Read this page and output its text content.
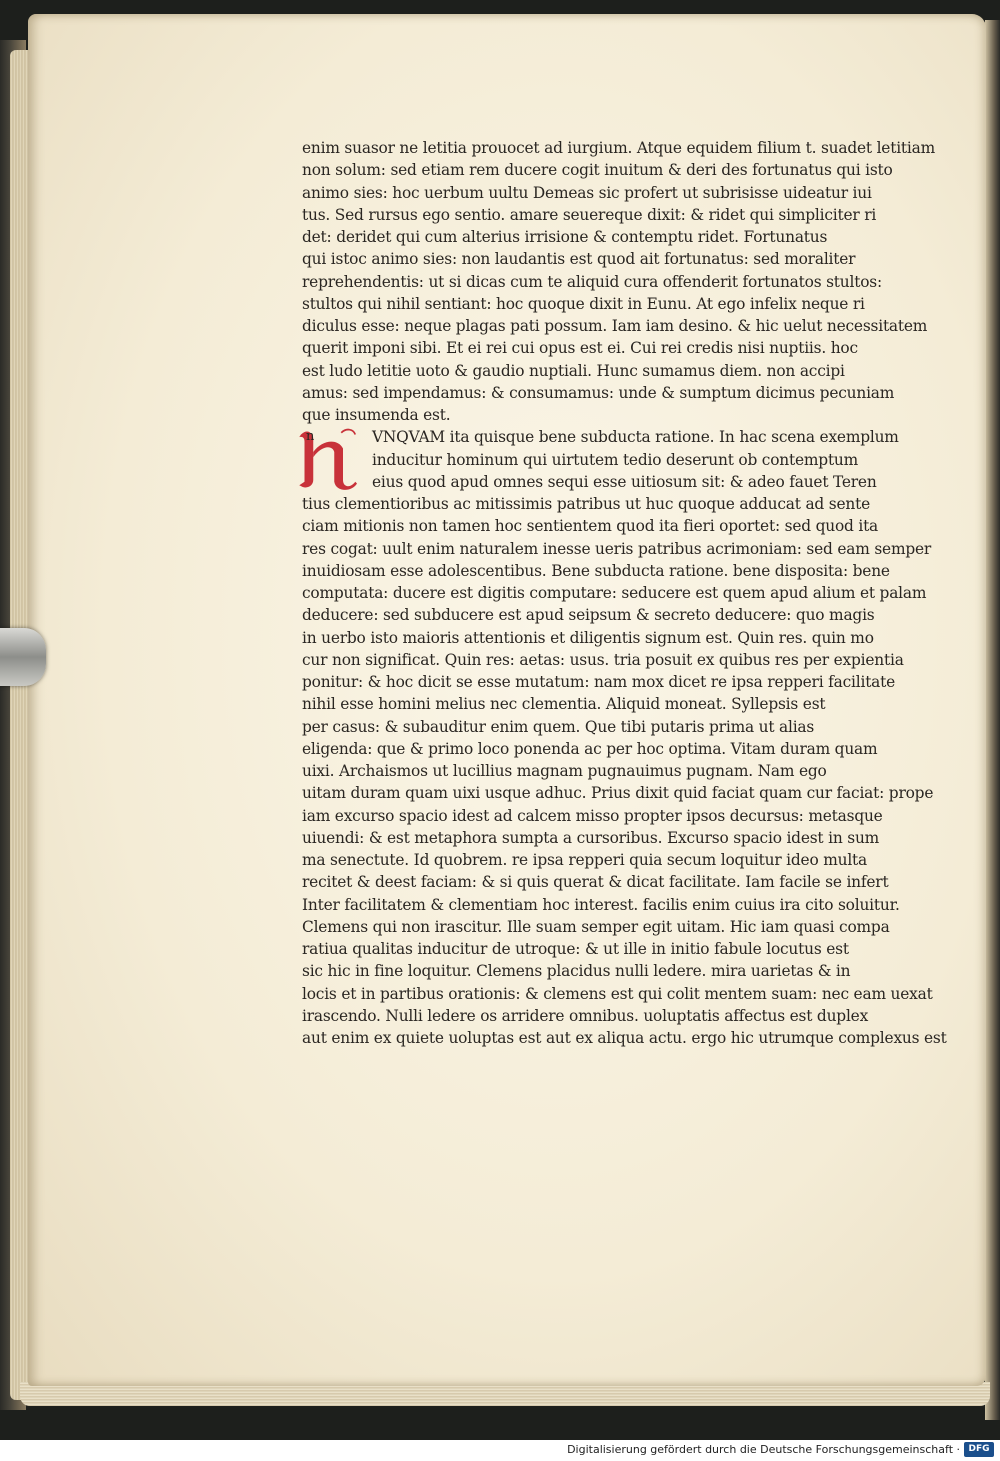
enim suasor ne letitia prouocet ad iurgium. Atque equidem filium t. suadet letitiam
non solum: sed etiam rem ducere cogit inuitum & deri des fortunatus qui isto
animo sies: hoc uerbum uultu Demeas sic profert ut subrisisse uideatur iui
tus. Sed rursus ego sentio. amare seuereque dixit: & ridet qui simpliciter ri
det: deridet qui cum alterius irrisione & contemptu ridet. Fortunatus
qui istoc animo sies: non laudantis est quod ait fortunatus: sed moraliter
reprehendentis: ut si dicas cum te aliquid cura offenderit fortunatos stultos:
stultos qui nihil sentiant: hoc quoque dixit in Eunu. At ego infelix neque ri
diculus esse: neque plagas pati possum. Iam iam desino. & hic uelut necessitatem
querit imponi sibi. Et ei rei cui opus est ei. Cui rei credis nisi nuptiis. hoc
est ludo letitie uoto & gaudio nuptiali. Hunc sumamus diem. non accipi
amus: sed impendamus: & consumamus: unde & sumptum dicimus pecuniam
que insumenda est.
n	VNQVAM ita quisque bene subducta ratione. In hac scena exemplum
inducitur hominum qui uirtutem tedio deserunt ob contemptum
eius quod apud omnes sequi esse uitiosum sit: & adeo fauet Teren
tius clementioribus ac mitissimis patribus ut huc quoque adducat ad sente
ciam mitionis non tamen hoc sentientem quod ita fieri oportet: sed quod ita
res cogat: uult enim naturalem inesse ueris patribus acrimoniam: sed eam semper
inuidiosam esse adolescentibus. Bene subducta ratione. bene disposita: bene
computata: ducere est digitis computare: seducere est quem apud alium et palam
deducere: sed subducere est apud seipsum & secreto deducere: quo magis
in uerbo isto maioris attentionis et diligentis signum est. Quin res. quin mo
cur non significat. Quin res: aetas: usus. tria posuit ex quibus res per expientia
ponitur: & hoc dicit se esse mutatum: nam mox dicet re ipsa repperi facilitate
nihil esse homini melius nec clementia. Aliquid moneat. Syllepsis est
per casus: & subauditur enim quem. Que tibi putaris prima ut alias
eligenda: que & primo loco ponenda ac per hoc optima. Vitam duram quam
uixi. Archaismos ut lucillius magnam pugnauimus pugnam. Nam ego
uitam duram quam uixi usque adhuc. Prius dixit quid faciat quam cur faciat: prope
iam excurso spacio idest ad calcem misso propter ipsos decursus: metasque
uiuendi: & est metaphora sumpta a cursoribus. Excurso spacio idest in sum
ma senectute. Id quobrem. re ipsa repperi quia secum loquitur ideo multa
recitet & deest faciam: & si quis querat & dicat facilitate. Iam facile se infert
Inter facilitatem & clementiam hoc interest. facilis enim cuius ira cito soluitur.
Clemens qui non irascitur. Ille suam semper egit uitam. Hic iam quasi compa
ratiua qualitas inducitur de utroque: & ut ille in initio fabule locutus est
sic hic in fine loquitur. Clemens placidus nulli ledere. mira uarietas & in
locis et in partibus orationis: & clemens est qui colit mentem suam: nec eam uexat
irascendo. Nulli ledere os arridere omnibus. uoluptatis affectus est duplex
aut enim ex quiete uoluptas est aut ex aliqua actu. ergo hic utrumque complexus est
Digitalisierung gefördert durch die Deutsche Forschungsgemeinschaft · DFG
